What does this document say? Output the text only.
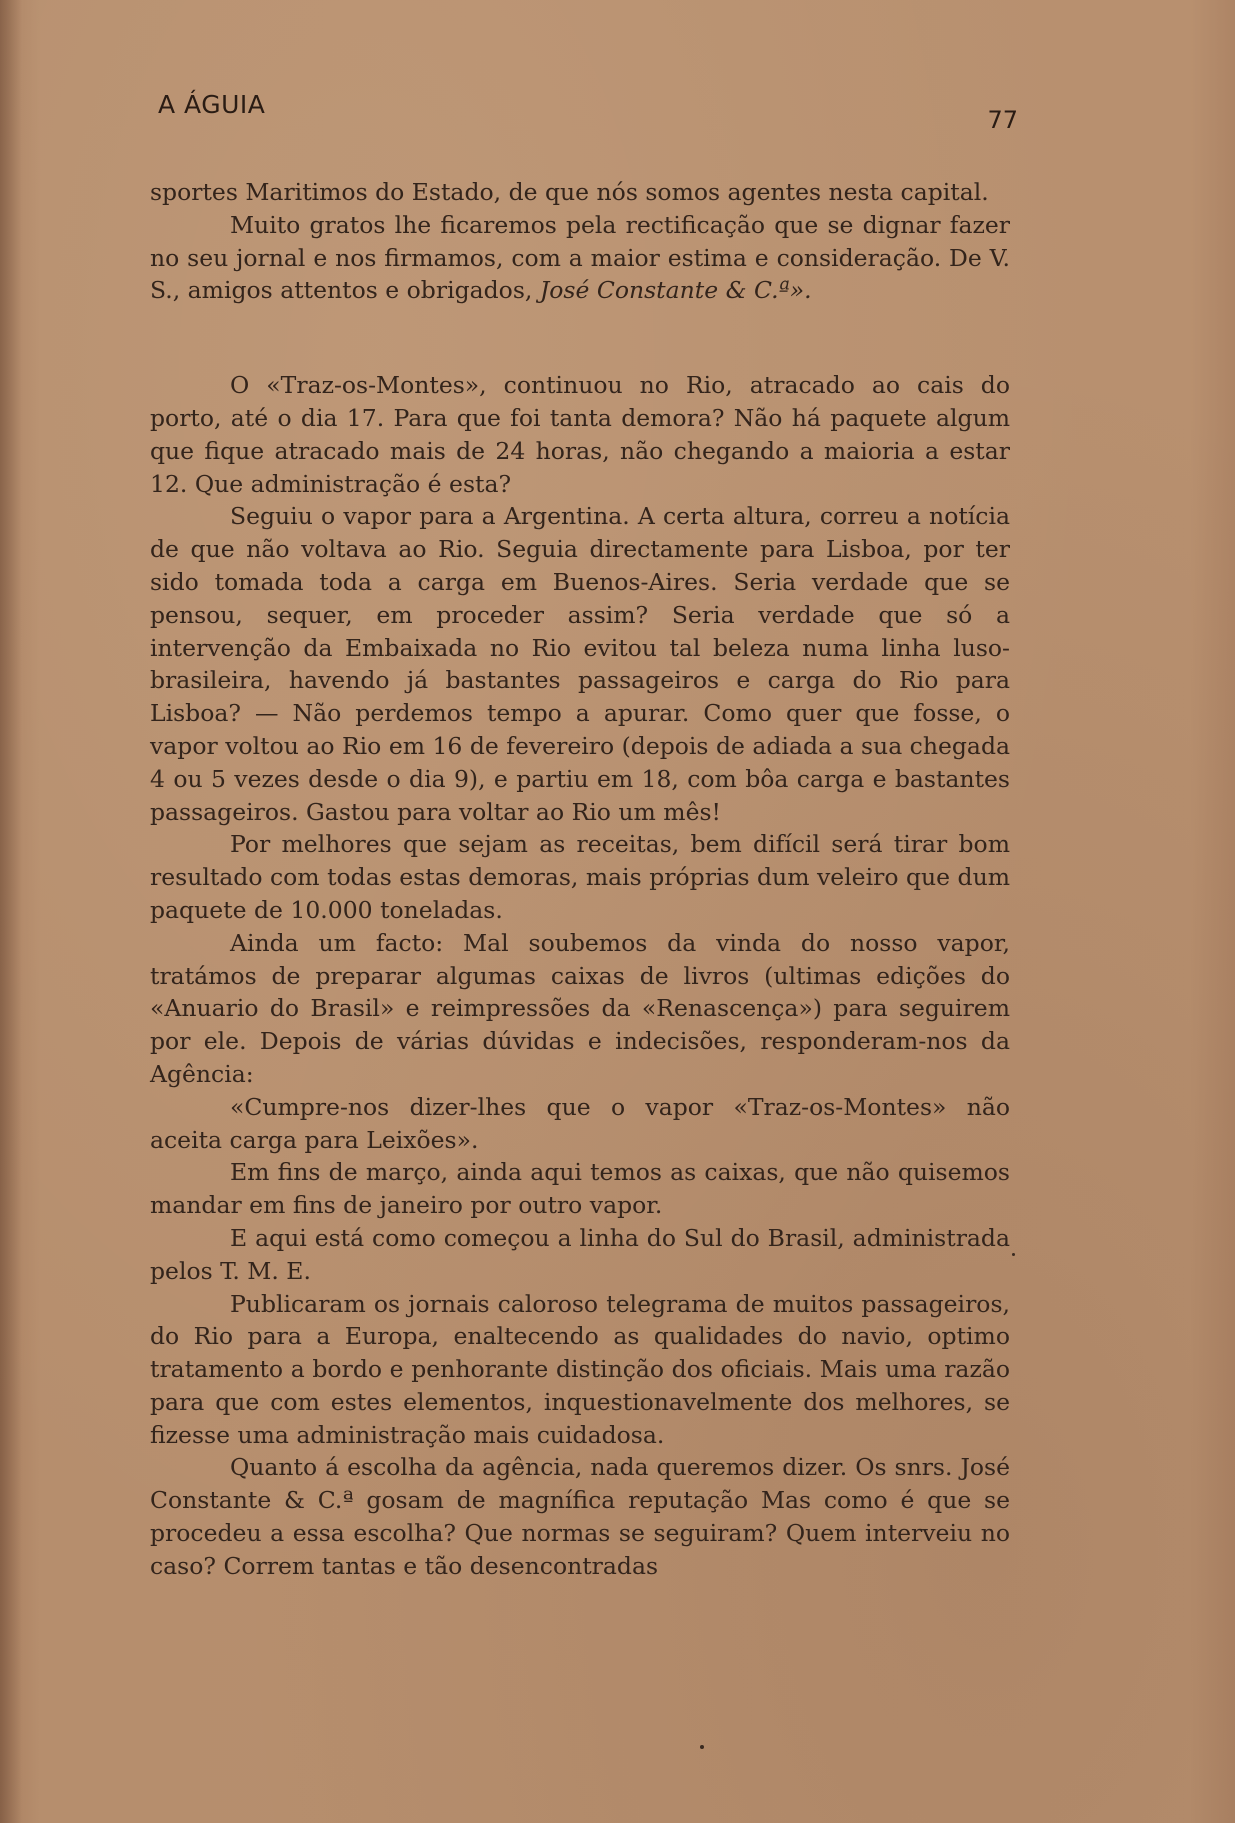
A ÁGUIA
77

sportes Maritimos do Estado, de que nós somos agentes nesta capital.

Muito gratos lhe ficaremos pela rectificação que se dignar fazer no seu jornal e nos firmamos, com a maior estima e consideração. De V. S., amigos attentos e obrigados, José Constante & C.ª».

O «Traz-os-Montes», continuou no Rio, atracado ao cais do porto, até o dia 17. Para que foi tanta demora? Não há paquete algum que fique atracado mais de 24 horas, não chegando a maioria a estar 12. Que administração é esta?

Seguiu o vapor para a Argentina. A certa altura, correu a notícia de que não voltava ao Rio. Seguia directamente para Lisboa, por ter sido tomada toda a carga em Buenos-Aires. Seria verdade que se pensou, sequer, em proceder assim? Seria verdade que só a intervenção da Embaixada no Rio evitou tal beleza numa linha luso-brasileira, havendo já bastantes passageiros e carga do Rio para Lisboa? — Não perdemos tempo a apurar. Como quer que fosse, o vapor voltou ao Rio em 16 de fevereiro (depois de adiada a sua chegada 4 ou 5 vezes desde o dia 9), e partiu em 18, com bôa carga e bastantes passageiros. Gastou para voltar ao Rio um mês!

Por melhores que sejam as receitas, bem difícil será tirar bom resultado com todas estas demoras, mais próprias dum veleiro que dum paquete de 10.000 toneladas.

Ainda um facto: Mal soubemos da vinda do nosso vapor, tratámos de preparar algumas caixas de livros (ultimas edições do «Anuario do Brasil» e reimpressões da «Renascença») para seguirem por ele. Depois de várias dúvidas e indecisões, responderam-nos da Agência:

«Cumpre-nos dizer-lhes que o vapor «Traz-os-Montes» não aceita carga para Leixões».

Em fins de março, ainda aqui temos as caixas, que não quisemos mandar em fins de janeiro por outro vapor.

E aqui está como começou a linha do Sul do Brasil, administrada pelos T. M. E.

Publicaram os jornais caloroso telegrama de muitos passageiros, do Rio para a Europa, enaltecendo as qualidades do navio, optimo tratamento a bordo e penhorante distinção dos oficiais. Mais uma razão para que com estes elementos, inquestionavelmente dos melhores, se fizesse uma administração mais cuidadosa.

Quanto á escolha da agência, nada queremos dizer. Os snrs. José Constante & C.ª gosam de magnífica reputação Mas como é que se procedeu a essa escolha? Que normas se seguiram? Quem interveiu no caso? Correm tantas e tão desencontradas
